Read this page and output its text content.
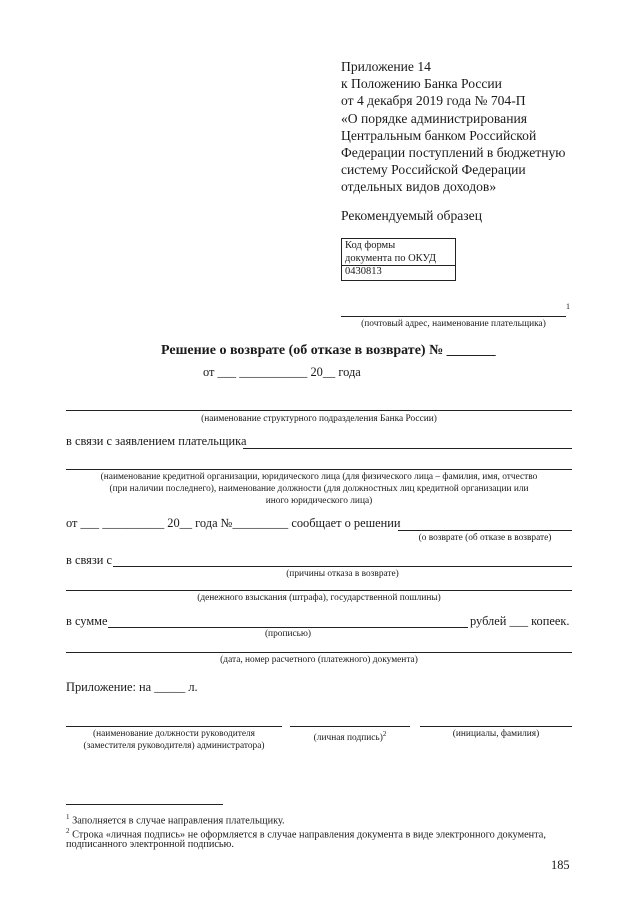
Приложение 14
к Положению Банка России
от 4 декабря 2019 года № 704-П
«О порядке администрирования
Центральным банком Российской
Федерации поступлений в бюджетную
систему Российской Федерации
отдельных видов доходов»
Рекомендуемый образец
Код формы
документа по ОКУД
0430813
1
(почтовый адрес, наименование плательщика)
Решение о возврате (об отказе в возврате) № _______
от ___ ___________ 20__ года
(наименование структурного подразделения Банка России)
в связи с заявлением плательщика
(наименование кредитной организации, юридического лица (для физического лица – фамилия, имя, отчество
(при наличии последнего), наименование должности (для должностных лиц кредитной организации или
иного юридического лица)
от ___ __________ 20__ года №_________ сообщает о решении
(о возврате (об отказе в возврате)
в связи с
(причины отказа в возврате)
(денежного взыскания (штрафа), государственной пошлины)
в сумме	рублей ___ копеек.
(прописью)
(дата, номер расчетного (платежного) документа)
Приложение: на _____ л.
(наименование должности руководителя
(заместителя руководителя) администратора)
(личная подпись)$^2$	(инициалы, фамилия)
$^1$ Заполняется в случае направления плательщику.
$^2$ Строка «личная подпись» не оформляется в случае направления документа в виде электронного документа,
подписанного электронной подписью.
185
